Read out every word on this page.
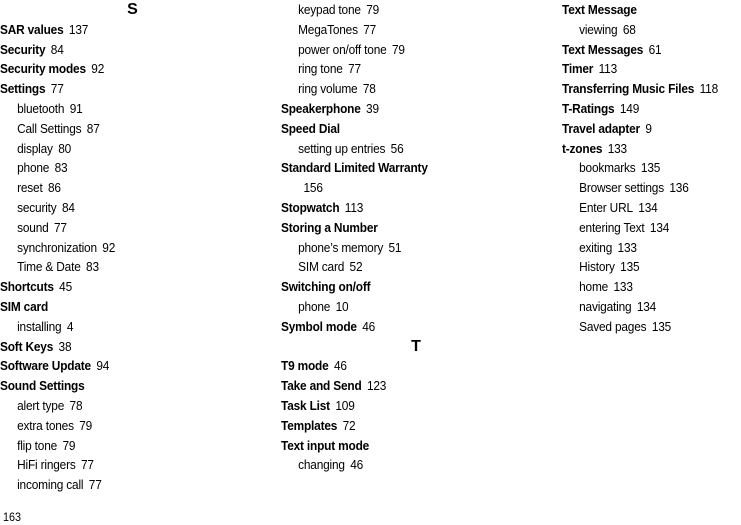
S
SAR values 137
Security 84
Security modes 92
Settings 77
bluetooth 91
Call Settings 87
display 80
phone 83
reset 86
security 84
sound 77
synchronization 92
Time & Date 83
Shortcuts 45
SIM card
installing 4
Soft Keys 38
Software Update 94
Sound Settings
alert type 78
extra tones 79
flip tone 79
HiFi ringers 77
incoming call 77
keypad tone 79
MegaTones 77
power on/off tone 79
ring tone 77
ring volume 78
Speakerphone 39
Speed Dial
setting up entries 56
Standard Limited Warranty
156
Stopwatch 113
Storing a Number
phone’s memory 51
SIM card 52
Switching on/off
phone 10
Symbol mode 46
T
T9 mode 46
Take and Send 123
Task List 109
Templates 72
Text input mode
changing 46
Text Message
viewing 68
Text Messages 61
Timer 113
Transferring Music Files 118
T-Ratings 149
Travel adapter 9
t-zones 133
bookmarks 135
Browser settings 136
Enter URL 134
entering Text 134
exiting 133
History 135
home 133
navigating 134
Saved pages 135
163
